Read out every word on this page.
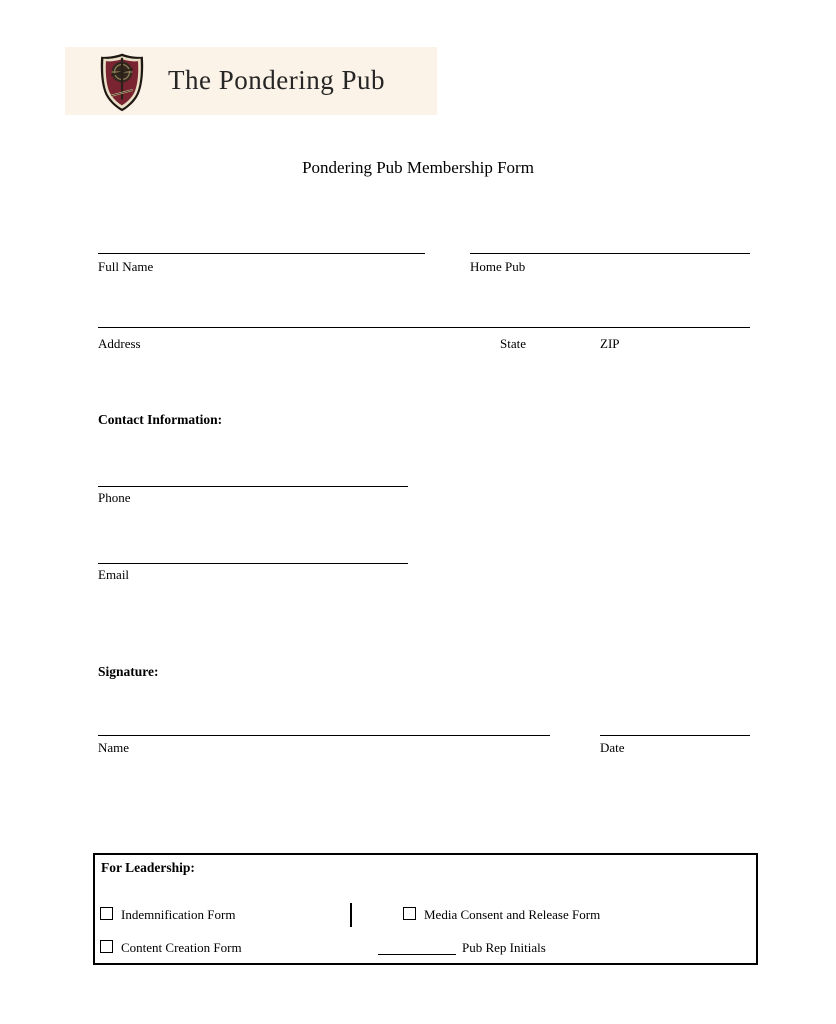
The Pondering Pub
Pondering Pub Membership Form
Full Name	Home Pub
Address	State	ZIP
Contact Information:
Phone
Email
Signature:
Name	Date
For Leadership:
Indemnification Form	Media Consent and Release Form
Content Creation Form	Pub Rep Initials
